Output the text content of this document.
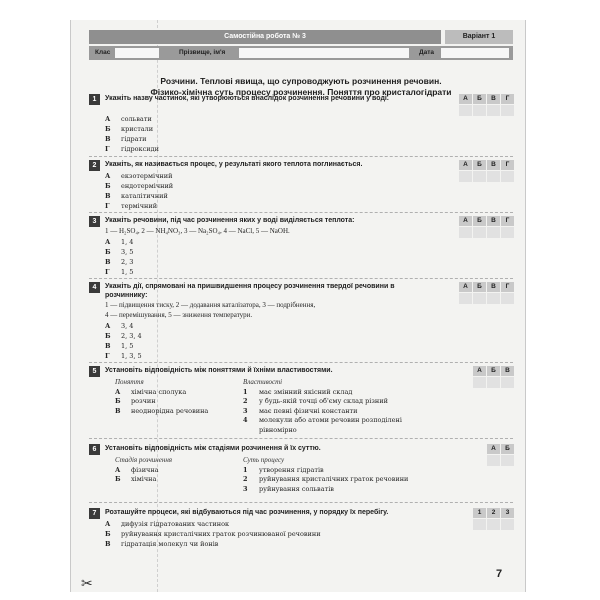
Самостійна робота № 3	Варіант 1
Клас	Прізвище, ім'я	Дата
Розчини. Теплові явища, що супроводжують розчинення речовин.
Фізико-хімічна суть процесу розчинення. Поняття про кристалогідрати
1	Укажіть назву частинок, які утворюються внаслідок розчинення речовини у воді.
А сольвати
Б кристали
В гідрати
Г гідроксиди
А	Б	В	Г
2	Укажіть, як називається процес, у результаті якого теплота поглинається.
А екзотермічний
Б ендотермічний
В каталітичний
Г термічний
А	Б	В	Г
3	Укажіть речовини, під час розчинення яких у воді виділяється теплота:
1 — H₂SO₄, 2 — NH₄NO₃, 3 — Na₂SO₄, 4 — NaCl, 5 — NaOH.
А 1, 4
Б 3, 5
В 2, 3
Г 1, 5
А	Б	В	Г
4	Укажіть дії, спрямовані на пришвидшення процесу розчинення твердої речовини в розчиннику:
1 — підвищення тиску, 2 — додавання каталізатора, 3 — подрібнення,
4 — перемішування, 5 — зниження температури.
А 3, 4
Б 2, 3, 4
В 1, 5
Г 1, 3, 5
А	Б	В	Г
5	Установіть відповідність між поняттями й їхніми властивостями.
Поняття
А хімічна сполука
Б розчин
В неоднорідна речовина
Властивості
1 має змінний якісний склад
2 у будь-якій точці об'єму склад різний
3 має певні фізичні константи
4 молекули або атоми речовин розподілені
рівномірно
А	Б	В
6	Установіть відповідність між стадіями розчинення й їх суттю.
Стадія розчинення
А фізична
Б хімічна
Суть процесу
1 утворення гідратів
2 руйнування кристалічних граток речовини
3 руйнування сольватів
А	Б
7	Розташуйте процеси, які відбуваються під час розчинення, у порядку їх перебігу.
А дифузія гідратованих частинок
Б руйнування кристалічних граток розчинюваної речовини
В гідратація молекул чи йонів
1	2	3
✂
7
